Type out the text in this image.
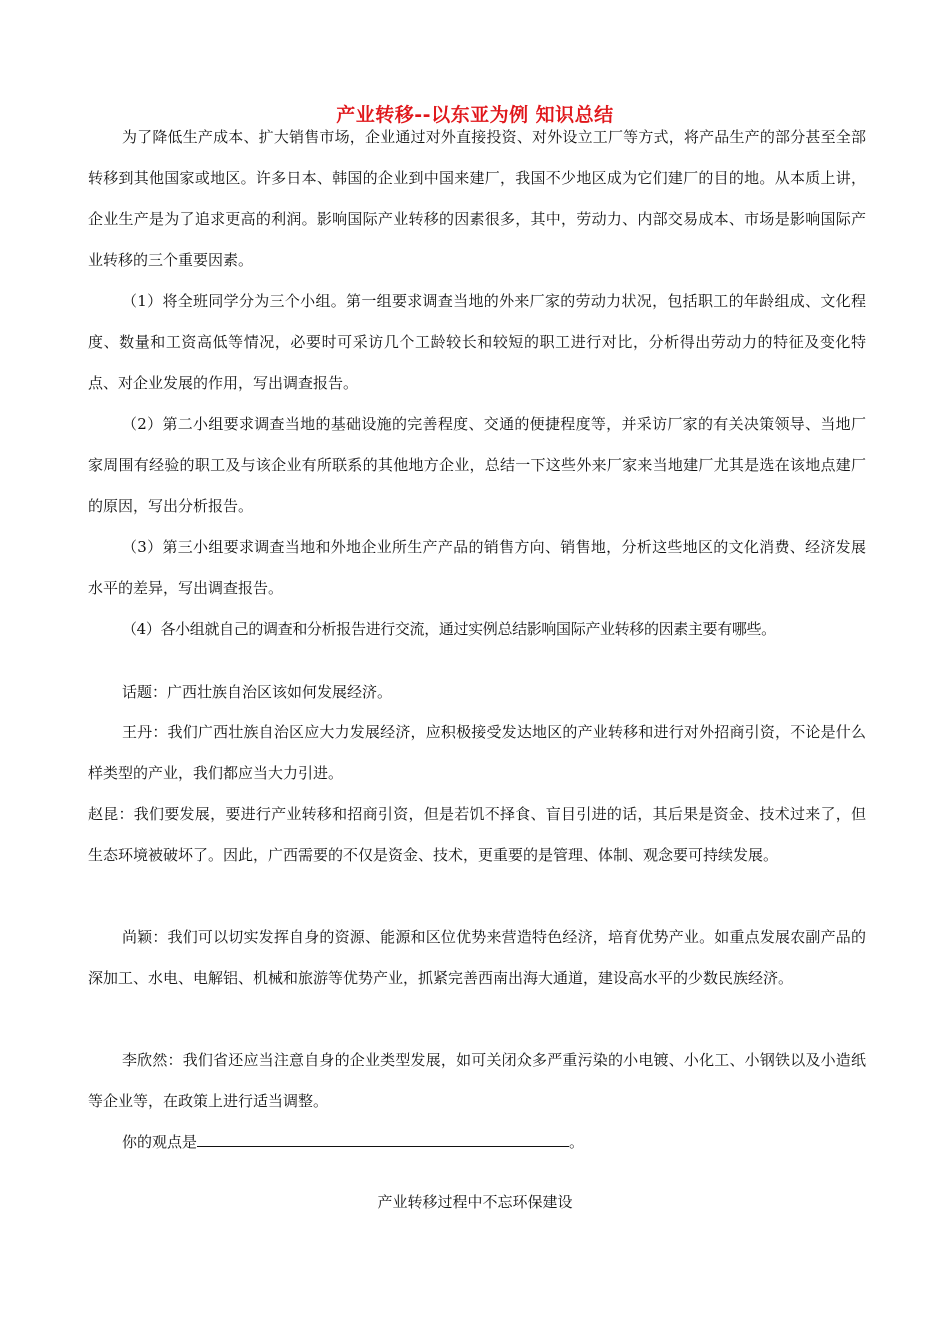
产业转移--以东亚为例 知识总结

为了降低生产成本、扩大销售市场，企业通过对外直接投资、对外设立工厂等方式，将产品生产的部分甚至全部转移到其他国家或地区。许多日本、韩国的企业到中国来建厂，我国不少地区成为它们建厂的目的地。从本质上讲，企业生产是为了追求更高的利润。影响国际产业转移的因素很多，其中，劳动力、内部交易成本、市场是影响国际产业转移的三个重要因素。

（1）将全班同学分为三个小组。第一组要求调查当地的外来厂家的劳动力状况，包括职工的年龄组成、文化程度、数量和工资高低等情况，必要时可采访几个工龄较长和较短的职工进行对比，分析得出劳动力的特征及变化特点、对企业发展的作用，写出调查报告。

（2）第二小组要求调查当地的基础设施的完善程度、交通的便捷程度等，并采访厂家的有关决策领导、当地厂家周围有经验的职工及与该企业有所联系的其他地方企业，总结一下这些外来厂家来当地建厂尤其是选在该地点建厂的原因，写出分析报告。

（3）第三小组要求调查当地和外地企业所生产产品的销售方向、销售地，分析这些地区的文化消费、经济发展水平的差异，写出调查报告。

（4）各小组就自己的调查和分析报告进行交流，通过实例总结影响国际产业转移的因素主要有哪些。

话题：广西壮族自治区该如何发展经济。

王丹：我们广西壮族自治区应大力发展经济，应积极接受发达地区的产业转移和进行对外招商引资，不论是什么样类型的产业，我们都应当大力引进。

赵昆：我们要发展，要进行产业转移和招商引资，但是若饥不择食、盲目引进的话，其后果是资金、技术过来了，但生态环境被破坏了。因此，广西需要的不仅是资金、技术，更重要的是管理、体制、观念要可持续发展。

尚颖：我们可以切实发挥自身的资源、能源和区位优势来营造特色经济，培育优势产业。如重点发展农副产品的深加工、水电、电解铝、机械和旅游等优势产业，抓紧完善西南出海大通道，建设高水平的少数民族经济。

李欣然：我们省还应当注意自身的企业类型发展，如可关闭众多严重污染的小电镀、小化工、小钢铁以及小造纸等企业等，在政策上进行适当调整。

你的观点是	。

产业转移过程中不忘环保建设
